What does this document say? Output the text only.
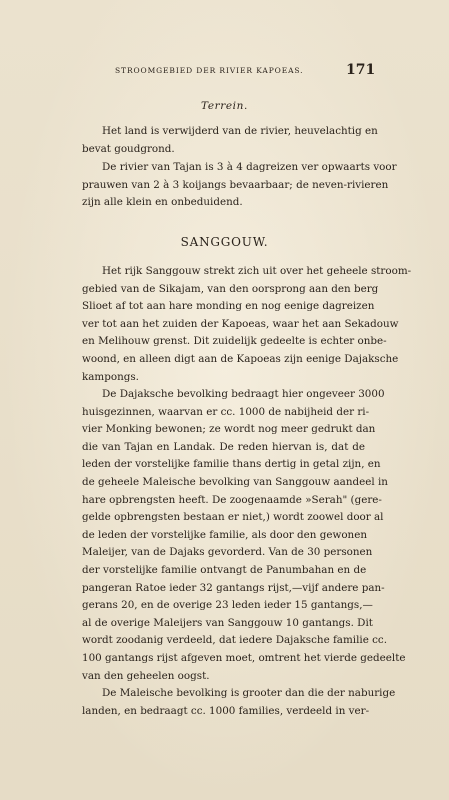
STROOMGEBIED DER RIVIER KAPOEAS.	171
Terrein.
Het land is verwijderd van de rivier, heuvelachtig en
bevat goudgrond.
De rivier van Tajan is 3 à 4 dagreizen ver opwaarts voor
prauwen van 2 à 3 koijangs bevaarbaar; de neven-rivieren
zijn alle klein en onbeduidend.
SANGGOUW.
Het rijk Sanggouw strekt zich uit over het geheele stroom-
gebied van de Sikajam, van den oorsprong aan den berg
Slioet af tot aan hare monding en nog eenige dagreizen
ver tot aan het zuiden der Kapoeas, waar het aan Sekadouw
en Melihouw grenst. Dit zuidelijk gedeelte is echter onbe-
woond, en alleen digt aan de Kapoeas zijn eenige Dajaksche
kampongs.
De Dajaksche bevolking bedraagt hier ongeveer 3000
huisgezinnen, waarvan er cc. 1000 de nabijheid der ri-
vier Monking bewonen; ze wordt nog meer gedrukt dan
die van Tajan en Landak. De reden hiervan is, dat de
leden der vorstelijke familie thans dertig in getal zijn, en
de geheele Maleische bevolking van Sanggouw aandeel in
hare opbrengsten heeft. De zoogenaamde »Serah" (gere-
gelde opbrengsten bestaan er niet,) wordt zoowel door al
de leden der vorstelijke familie, als door den gewonen
Maleijer, van de Dajaks gevorderd. Van de 30 personen
der vorstelijke familie ontvangt de Panumbahan en de
pangeran Ratoe ieder 32 gantangs rijst,—vijf andere pan-
gerans 20, en de overige 23 leden ieder 15 gantangs,—
al de overige Maleijers van Sanggouw 10 gantangs. Dit
wordt zoodanig verdeeld, dat iedere Dajaksche familie cc.
100 gantangs rijst afgeven moet, omtrent het vierde gedeelte
van den geheelen oogst.
De Maleische bevolking is grooter dan die der naburige
landen, en bedraagt cc. 1000 families, verdeeld in ver-
